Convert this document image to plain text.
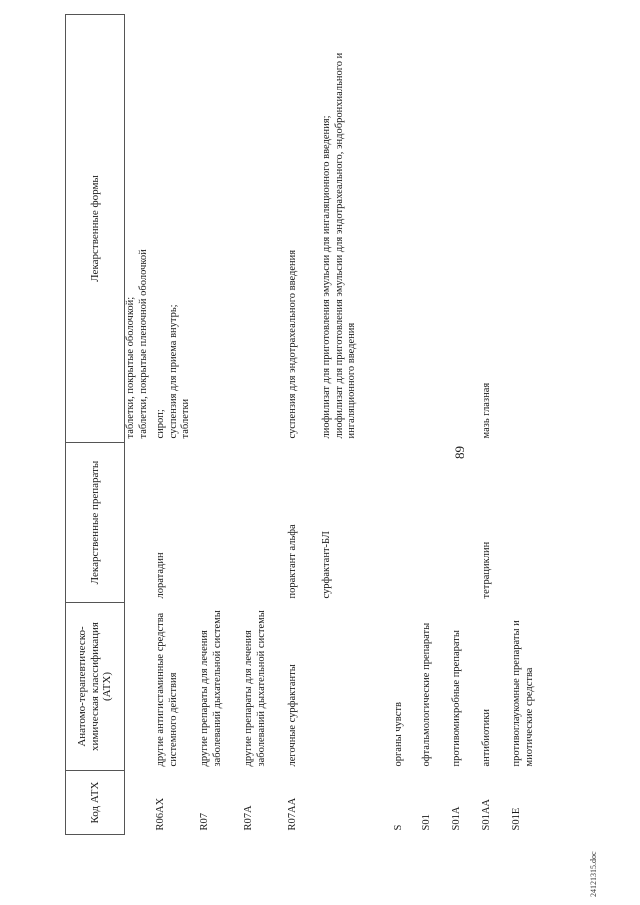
89
24121315.doc
Код АТХ	Анатомо-терапевтическо-химическая классификация (АТХ)	Лекарственные препараты	Лекарственные формы
			таблетки, покрытые оболочкой;
таблетки, покрытые пленочной оболочкой
R06AX	другие антигистаминные средства системного действия	лоратадин	сироп;
суспензия для приема внутрь;
таблетки
R07	другие препараты для лечения заболеваний дыхательной системы		
R07A	другие препараты для лечения заболеваний дыхательной системы		
R07AA	легочные сурфактанты	порактант альфа	суспензия для эндотрахеального введения
		сурфактант-БЛ	лиофилизат для приготовления эмульсии для ингаляционного введения;
лиофилизат для приготовления эмульсии для эндотрахеального, эндобронхиального и ингаляционного введения
S	органы чувств		
S01	офтальмологические препараты		
S01A	противомикробные препараты		
S01AA	антибиотики	тетрациклин	мазь глазная
S01E	противоглаукомные препараты и миотические средства		
